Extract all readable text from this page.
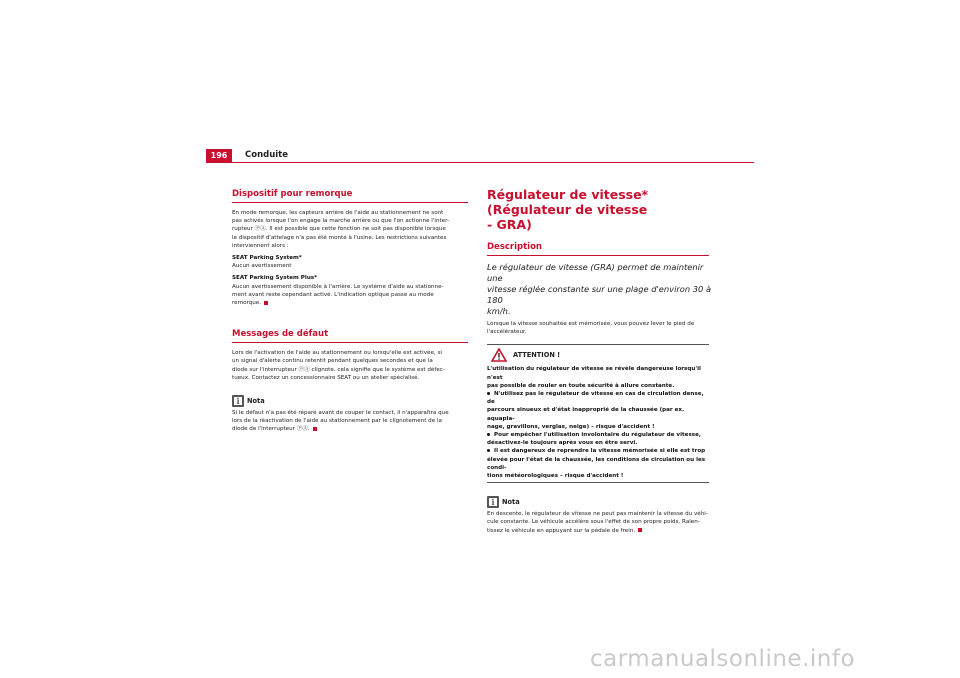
196	Conduite
Dispositif pour remorque

En mode remorque, les capteurs arrière de l'aide au stationnement ne sont

pas activés lorsque l'on engage la marche arrière ou que l'on actionne l'inter-

rupteur ⓅⒶ. Il est possible que cette fonction ne soit pas disponible lorsque

le dispositif d'attelage n'a pas été monté à l'usine. Les restrictions suivantes

interviennent alors :

SEAT Parking System*

Aucun avertissement

SEAT Parking System Plus*

Aucun avertissement disponible à l'arrière. Le système d'aide au stationne-

ment avant reste cependant activé. L'indication optique passe au mode

remorque.

Messages de défaut

Lors de l'activation de l'aide au stationnement ou lorsqu'elle est activée, si

un signal d'alerte continu retentit pendant quelques secondes et que la

diode sur l'interrupteur ⓅⒶ clignote, cela signifie que le système est défec-

tueux. Contactez un concessionnaire SEAT ou un atelier spécialisé.

iNota

Si le défaut n'a pas été réparé avant de couper le contact, il n'apparaîtra que

lors de la réactivation de l'aide au stationnement par le clignotement de la

diode de l'interrupteur ⓅⒶ.

Régulateur de vitesse* (Régulateur de vitesse
- GRA)
Description

Le régulateur de vitesse (GRA) permet de maintenir une

vitesse réglée constante sur une plage d'environ 30 à 180

km/h.

Lorsque la vitesse souhaitée est mémorisée, vous pouvez lever le pied de

l'accélérateur.

ATTENTION !
L'utilisation du régulateur de vitesse se révèle dangereuse lorsqu'il n'est
pas possible de rouler en toute sécurité à allure constante.
N'utilisez pas le régulateur de vitesse en cas de circulation dense, de
parcours sinueux et d'état inapproprié de la chaussée (par ex. aquapla-
nage, gravillons, verglas, neige) – risque d'accident !
Pour empêcher l'utilisation involontaire du régulateur de vitesse,
désactivez-le toujours après vous en être servi.
Il est dangereux de reprendre la vitesse mémorisée si elle est trop
élevée pour l'état de la chaussée, les conditions de circulation ou les condi-
tions météorologiques – risque d'accident !
iNota

En descente, le régulateur de vitesse ne peut pas maintenir la vitesse du véhi-

cule constante. Le véhicule accélère sous l'effet de son propre poids. Ralen-

tissez le véhicule en appuyant sur la pédale de frein.

carmanualsonline.info
